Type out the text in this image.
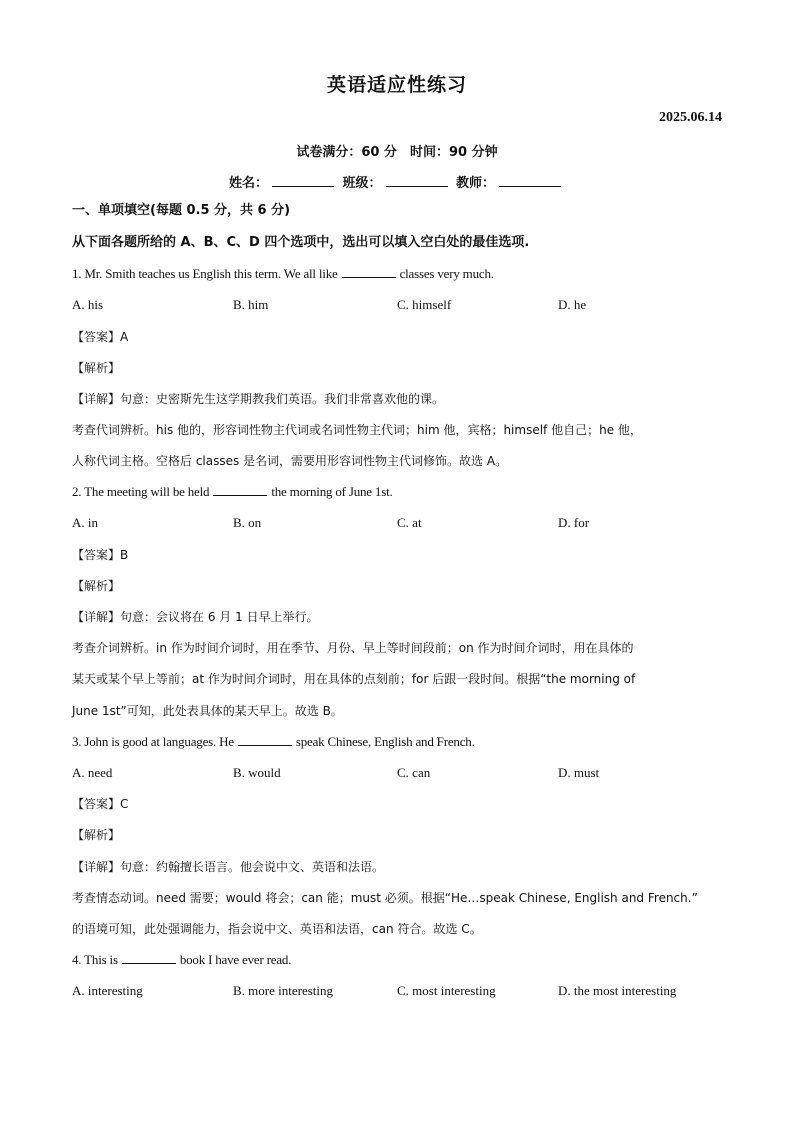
英语适应性练习
2025.06.14
试卷满分：60 分　时间：90 分钟
姓名：	班级：	教师：
一、单项填空(每题 0.5 分，共 6 分)
从下面各题所给的 A、B、C、D 四个选项中，选出可以填入空白处的最佳选项.
1. Mr. Smith teaches us English this term. We all like	classes very much.
A. his	B. him	C. himself	D. he
【答案】A
【解析】
【详解】句意：史密斯先生这学期教我们英语。我们非常喜欢他的课。
考查代词辨析。his 他的，形容词性物主代词或名词性物主代词；him 他，宾格；himself 他自己；he 他，
人称代词主格。空格后 classes 是名词，需要用形容词性物主代词修饰。故选 A。
2. The meeting will be held	the morning of June 1st.
A. in	B. on	C. at	D. for
【答案】B
【解析】
【详解】句意：会议将在 6 月 1 日早上举行。
考查介词辨析。in 作为时间介词时，用在季节、月份、早上等时间段前；on 作为时间介词时，用在具体的
某天或某个早上等前；at 作为时间介词时，用在具体的点刻前；for 后跟一段时间。根据“the morning of
June 1st”可知，此处表具体的某天早上。故选 B。
3. John is good at languages. He	speak Chinese, English and French.
A. need	B. would	C. can	D. must
【答案】C
【解析】
【详解】句意：约翰擅长语言。他会说中文、英语和法语。
考查情态动词。need 需要；would 将会；can 能；must 必须。根据“He…speak Chinese, English and French.”
的语境可知，此处强调能力，指会说中文、英语和法语，can 符合。故选 C。
4. This is	book I have ever read.
A. interesting	B. more interesting	C. most interesting	D. the most interesting
